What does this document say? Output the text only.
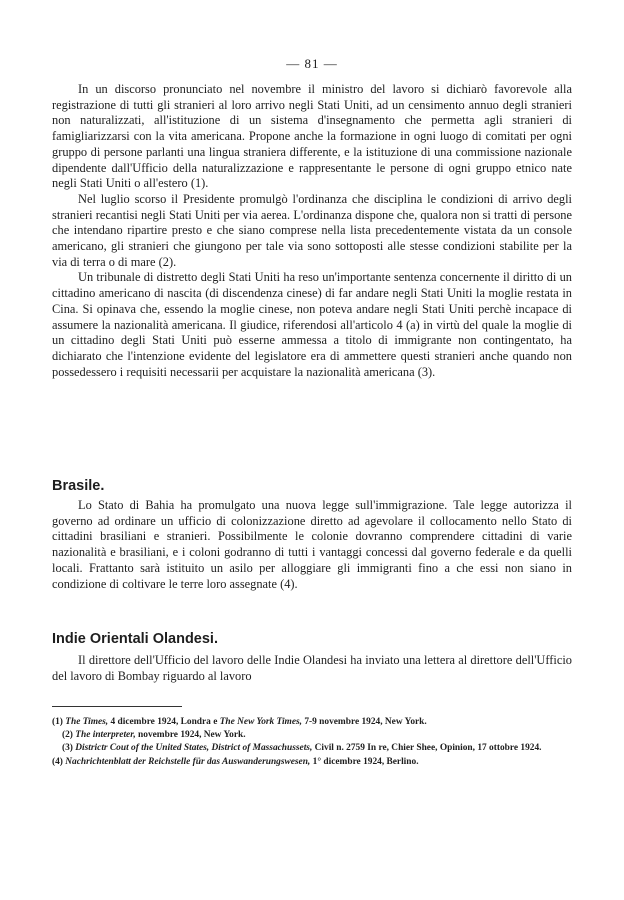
— 81 —

In un discorso pronunciato nel novembre il ministro del lavoro si dichiarò favorevole alla registrazione di tutti gli stranieri al loro arrivo negli Stati Uniti, ad un censimento annuo degli stranieri non naturalizzati, all'istituzione di un sistema d'insegnamento che permetta agli stranieri di famigliarizzarsi con la vita americana. Propone anche la formazione in ogni luogo di comitati per ogni gruppo di persone parlanti una lingua straniera differente, e la istituzione di una commissione nazionale dipendente dall'Ufficio della naturalizzazione e rappresentante le persone di ogni gruppo etnico nate negli Stati Uniti o all'estero (1).

Nel luglio scorso il Presidente promulgò l'ordinanza che disciplina le condizioni di arrivo degli stranieri recantisi negli Stati Uniti per via aerea. L'ordinanza dispone che, qualora non si tratti di persone che intendano ripartire presto e che siano comprese nella lista precedentemente vistata da un console americano, gli stranieri che giungono per tale via sono sottoposti alle stesse condizioni stabilite per la via di terra o di mare (2).

Un tribunale di distretto degli Stati Uniti ha reso un'importante sentenza concernente il diritto di un cittadino americano di nascita (di discendenza cinese) di far andare negli Stati Uniti la moglie restata in Cina. Si opinava che, essendo la moglie cinese, non poteva andare negli Stati Uniti perchè incapace di assumere la nazionalità americana. Il giudice, riferendosi all'articolo 4 (a) in virtù del quale la moglie di un cittadino degli Stati Uniti può esserne ammessa a titolo di immigrante non contingentato, ha dichiarato che l'intenzione evidente del legislatore era di ammettere questi stranieri anche quando non possedessero i requisiti necessarii per acquistare la nazionalità americana (3).

Brasile.

Lo Stato di Bahia ha promulgato una nuova legge sull'immigrazione. Tale legge autorizza il governo ad ordinare un ufficio di colonizzazione diretto ad agevolare il collocamento nello Stato di cittadini brasiliani e stranieri. Possibilmente le colonie dovranno comprendere cittadini di varie nazionalità e brasiliani, e i coloni godranno di tutti i vantaggi concessi dal governo federale e da quelli locali. Frattanto sarà istituito un asilo per alloggiare gli immigranti fino a che essi non siano in condizione di coltivare le terre loro assegnate (4).

Indie Orientali Olandesi.

Il direttore dell'Ufficio del lavoro delle Indie Olandesi ha inviato una lettera al direttore dell'Ufficio del lavoro di Bombay riguardo al lavoro

(1) The Times, 4 dicembre 1924, Londra e The New York Times, 7-9 novembre 1924, New York.

(2) The interpreter, novembre 1924, New York.

(3) Districtr Cout of the United States, District of Massachussets, Civil n. 2759 In re, Chier Shee, Opinion, 17 ottobre 1924.

(4) Nachrichtenblatt der Reichstelle für das Auswanderungswesen, 1° dicembre 1924, Berlino.
